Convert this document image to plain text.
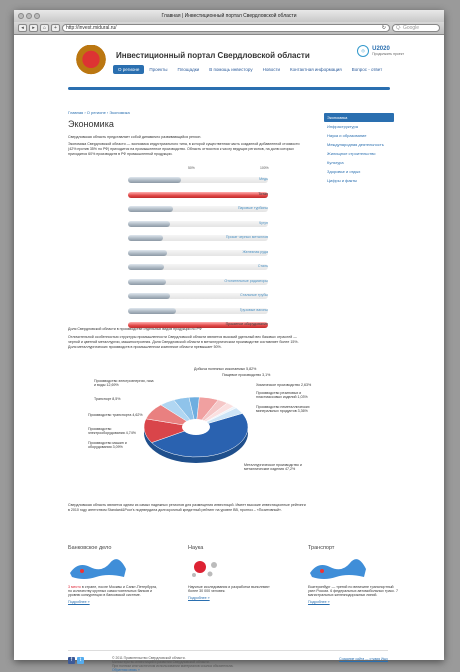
Главная | Инвестиционный портал Свердловской области
◂	▸	⌂	+	http://invest.midural.ru/	↻	Q· Google
Инвестиционный портал Свердловской области
О регионе	Проекты	Площадки	В помощь инвестору	Новости	Контактная информация	Вопрос - ответ
◎	U2020
Продолжить проект
Главная › О регионе › Экономика
Экономика

Свердловская область представляет собой динамично развивающийся регион.

Экономика Свердловской области — экономика индустриального типа, в которой существенная часть созданной добавленной стоимости (42% против 35% по РФ) приходится на промышленное производство. Область относится к числу ведущих регионов, на долю которых приходится 60% производств в РФ промышленной продукции.

Экономика
Инфраструктура
Наука и образование
Международная деятельность
Жилищное строительство
Культура
Здоровье и отдых
Цифры и факты
50%	100%
Медь
Титан
Паровые турбины
Чугун
Прокат черных металлов
Железная руда
Сталь
Отопительные радиаторы
Стальные трубы
Грузовые вагоны
Прокатное оборудование

Доля Свердловской области в производстве отдельных видов продукции по РФ

Отличительной особенностью структуры промышленности Свердловской области является высокий удельный вес базовых отраслей — черной и цветной металлургии, машиностроения. Доля Свердловской области в металлургическом производстве составляет более 15%. Доля металлургических производств в промышленном комплексе области превышает 50%.

Добыча полезных ископаемых 5,82%
Пищевое производство 3,1%
Производство электроэнергии, газа и воды 12,69%	Химическое производство 2,63%
Производство резиновых и пластмассовых изделий 1,03%
Транспорт 8,5%
Производство неметаллических минеральных продуктов 3,36%
Производство транспорта 4,62%
Производство электрооборудования 4,74%
Производство машин и оборудования 3,09%
Металлургическое производство и металлические изделия 47,2%

Свердловская область является одним из самых надежных регионов для размещения инвестиций. Имеет высокие инвестиционные рейтинги в 2010 году агентством Standard&Poor's подтвердила долгосрочный кредитный рейтинг на уровне BB, прогноз – «Позитивный».

Банковское дело

3 место в стране, после Москвы и Санкт-Петербурга, по количеству крупных самостоятельных банков и уровню конкуренции в банковской системе.

Подробнее »
Наука

Научные исследования и разработки выполняют более 30 000 человек.

Подробнее »
Транспорт

Екатеринбург — третий по величине транспортный узел России. 6 федеральных автомобильных трасс. 7 магистральных железнодорожных линий.

Подробнее »
f	t	© 2011 Правительство Свердловской области.
Министерство инвестиций и развития Свердловской области.
При полном или частичном использовании материалов ссылка обязательна.
Обратная связь »
Создание сайта — студия Ищу
